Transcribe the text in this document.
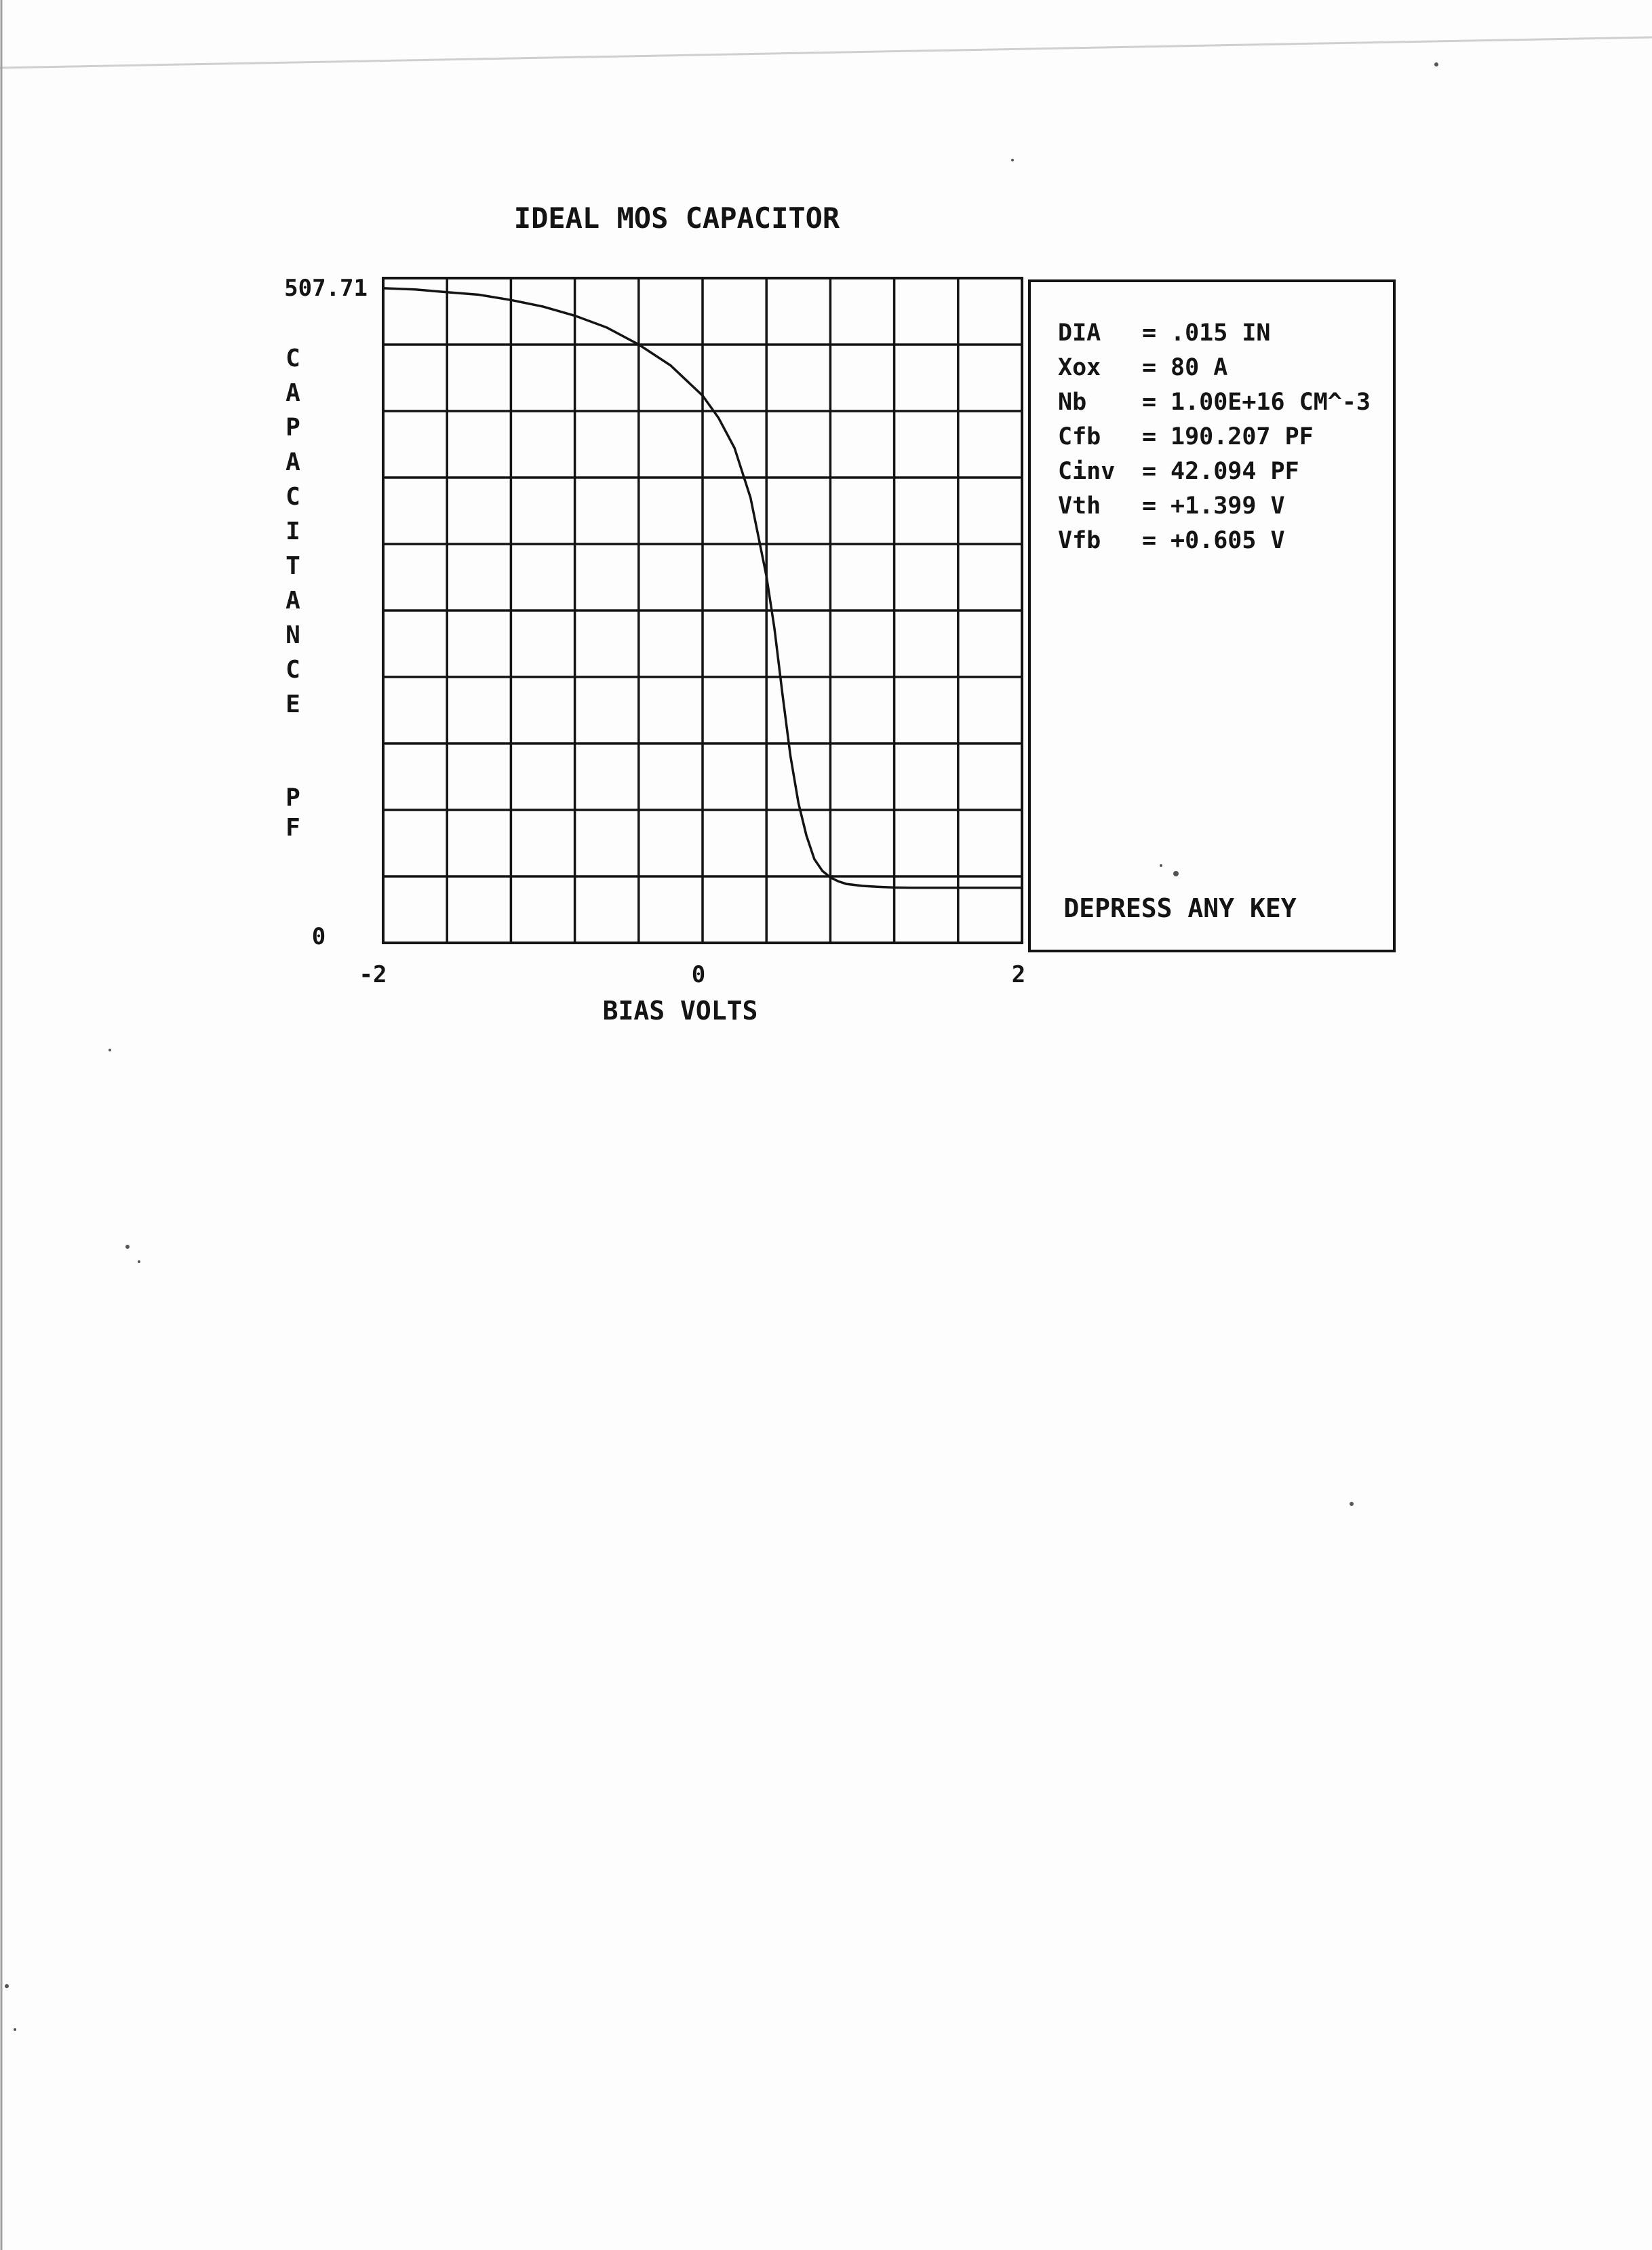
IDEAL MOS CAPACITOR
507.71
0
-2	0	2
BIAS VOLTS
C
A
P
A
C
I
T
A
N
C
E
P
F
DIA = .015 IN
Xox = 80 A
Nb = 1.00E+16 CM^-3
Cfb = 190.207 PF
Cinv = 42.094 PF
Vth = +1.399 V
Vfb = +0.605 V
DEPRESS ANY KEY
